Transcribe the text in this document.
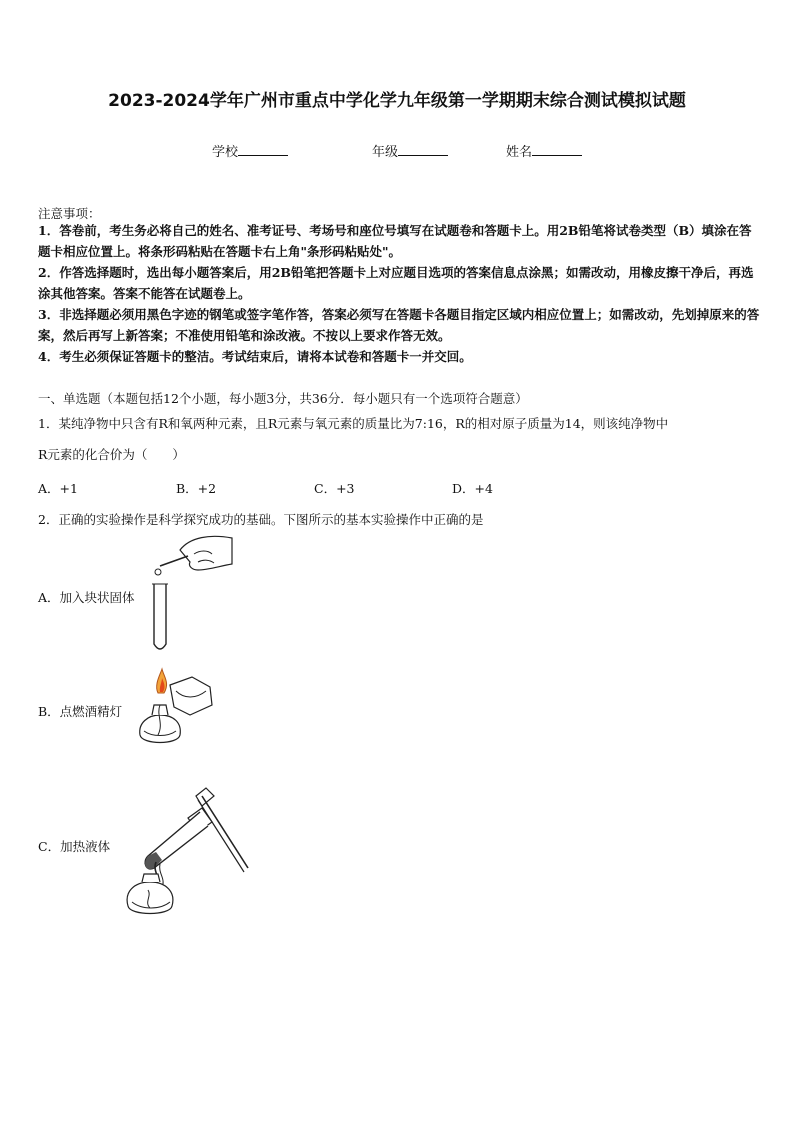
2023-2024学年广州市重点中学化学九年级第一学期期末综合测试模拟试题
学校	年级	姓名
注意事项：
1．答卷前，考生务必将自己的姓名、准考证号、考场号和座位号填写在试题卷和答题卡上。用2B铅笔将试卷类型（B）填涂在答题卡相应位置上。将条形码粘贴在答题卡右上角"条形码粘贴处"。
2．作答选择题时，选出每小题答案后，用2B铅笔把答题卡上对应题目选项的答案信息点涂黑；如需改动，用橡皮擦干净后，再选涂其他答案。答案不能答在试题卷上。
3．非选择题必须用黑色字迹的钢笔或签字笔作答，答案必须写在答题卡各题目指定区域内相应位置上；如需改动，先划掉原来的答案，然后再写上新答案；不准使用铅笔和涂改液。不按以上要求作答无效。
4．考生必须保证答题卡的整洁。考试结束后，请将本试卷和答题卡一并交回。
一、单选题（本题包括12个小题，每小题3分，共36分．每小题只有一个选项符合题意）
1．某纯净物中只含有R和氧两种元素，且R元素与氧元素的质量比为7:16，R的相对原子质量为14，则该纯净物中
R元素的化合价为（　　）
A．+1	B．+2	C．+3	D．+4
2．正确的实验操作是科学探究成功的基础。下图所示的基本实验操作中正确的是
A．加入块状固体
B．点燃酒精灯
C．加热液体
